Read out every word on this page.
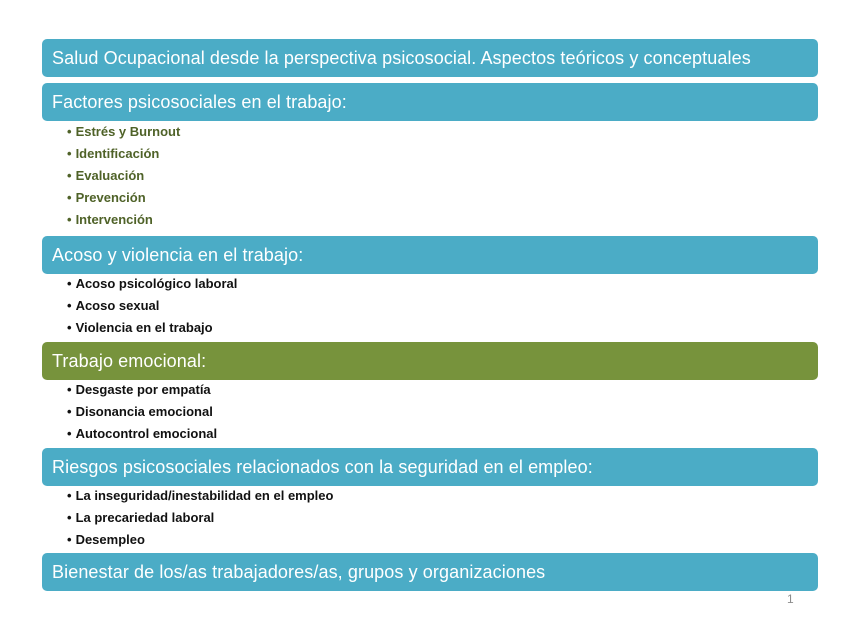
Salud Ocupacional desde la perspectiva psicosocial. Aspectos teóricos y conceptuales
Factores psicosociales en el trabajo:
• Estrés y Burnout
• Identificación
• Evaluación
• Prevención
• Intervención
Acoso y violencia en el trabajo:
• Acoso psicológico laboral
• Acoso sexual
• Violencia en el trabajo
Trabajo emocional:
• Desgaste por empatía
• Disonancia emocional
• Autocontrol emocional
Riesgos psicosociales relacionados con la seguridad en el empleo:
• La inseguridad/inestabilidad en el empleo
• La precariedad laboral
• Desempleo
Bienestar de los/as trabajadores/as, grupos y organizaciones
1
